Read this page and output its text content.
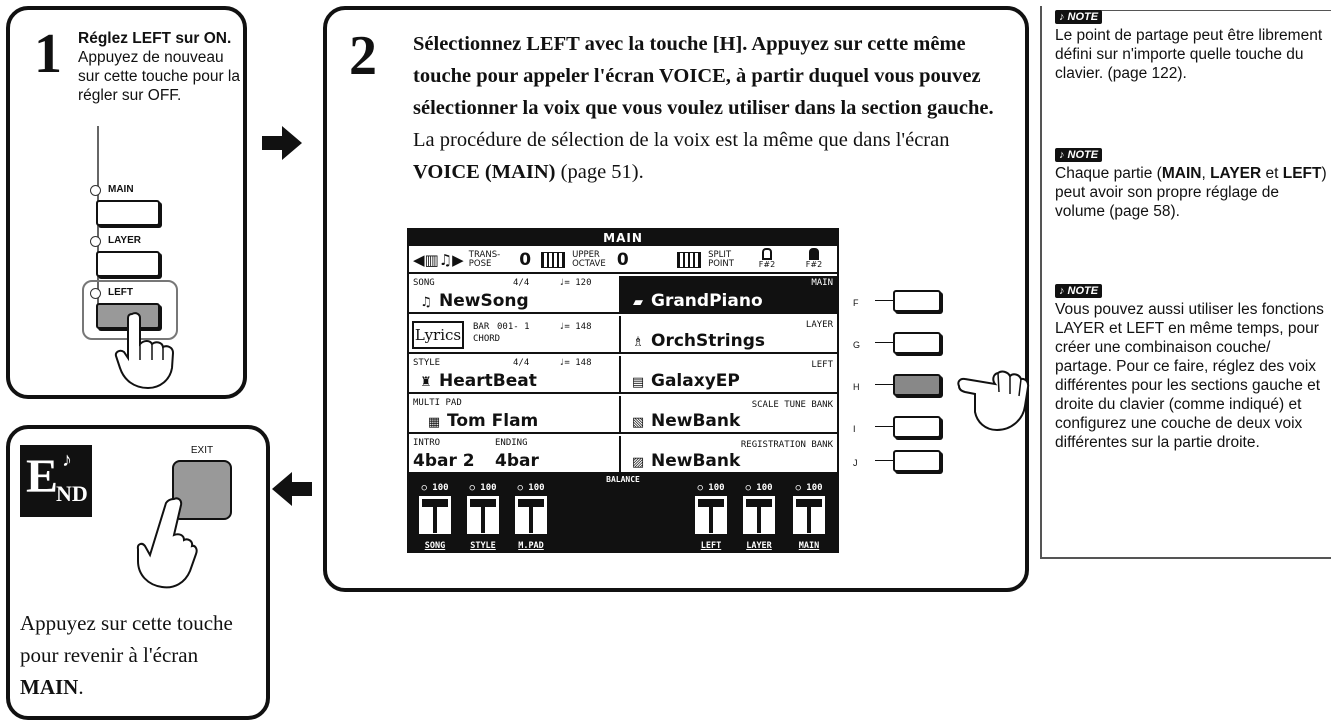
1 Réglez LEFT sur ON. Appuyez de nouveau sur cette touche pour la régler sur OFF.
MAIN
LAYER
LEFT
2 Sélectionnez LEFT avec la touche [H]. Appuyez sur cette même touche pour appeler l'écran VOICE, à partir duquel vous pouvez sélectionner la voix que vous voulez utiliser dans la section gauche. La procédure de sélection de la voix est la même que dans l'écran VOICE (MAIN) (page 51).
MAIN
◀▥♫▶ TRANS-
POSE 0	UPPER
OCTAVE 0	SPLIT
POINT	F#2	F#2
SONG	4/4	♩= 120
♫ NewSong
Lyrics	BAR 001- 1	♩= 148
CHORD
STYLE	4/4	♩= 148
♜ HeartBeat
MULTI PAD
▦ Tom Flam
INTRO	ENDING
4bar 2 4bar
MAIN
▰ GrandPiano
LAYER
♗ OrchStrings
LEFT
▤ GalaxyEP
SCALE TUNE BANK
▧ NewBank
REGISTRATION BANK
▨ NewBank
BALANCE
○ 100
SONG
○ 100
STYLE
○ 100
M.PAD
○ 100
LEFT
○ 100
LAYER
○ 100
MAIN
F
G
H
I
J
E
ND
♪	EXIT
Appuyez sur cette touche pour revenir à l'écran MAIN.
♪ NOTE
Le point de partage peut être librement défini sur n'importe quelle touche du clavier. (page 122).
♪ NOTE
Chaque partie (MAIN, LAYER et LEFT) peut avoir son propre réglage de volume (page 58).
♪ NOTE
Vous pouvez aussi utiliser les fonctions LAYER et LEFT en même temps, pour créer une combinaison couche/ partage. Pour ce faire, réglez des voix différentes pour les sections gauche et droite du clavier (comme indiqué) et configurez une couche de deux voix différentes sur la partie droite.
